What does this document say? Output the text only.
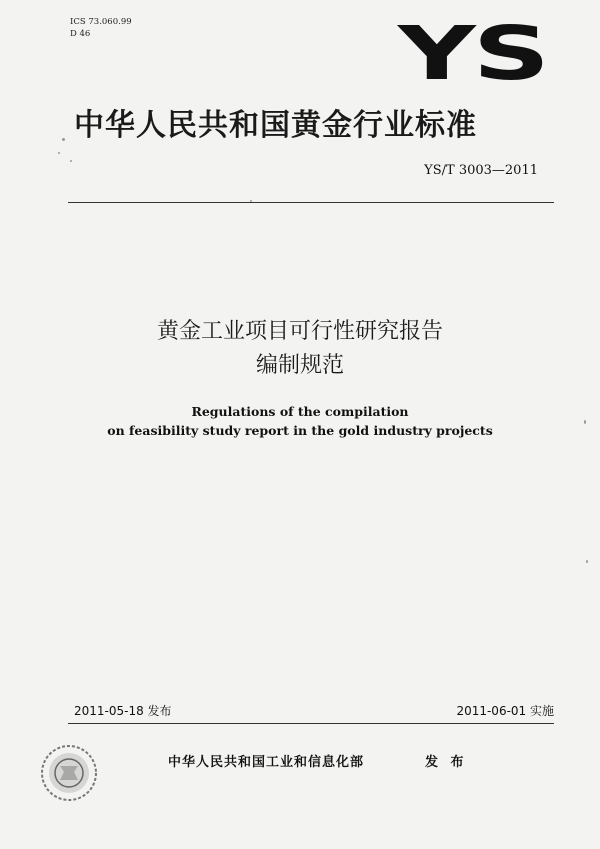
ICS 73.060.99
D 46	YS
中华人民共和国黄金行业标准
YS/T 3003—2011
黄金工业项目可行性研究报告
编制规范
Regulations of the compilation
on feasibility study report in the gold industry projects
2011-05-18 发布	2011-06-01 实施
中华人民共和国工业和信息化部	发 布
